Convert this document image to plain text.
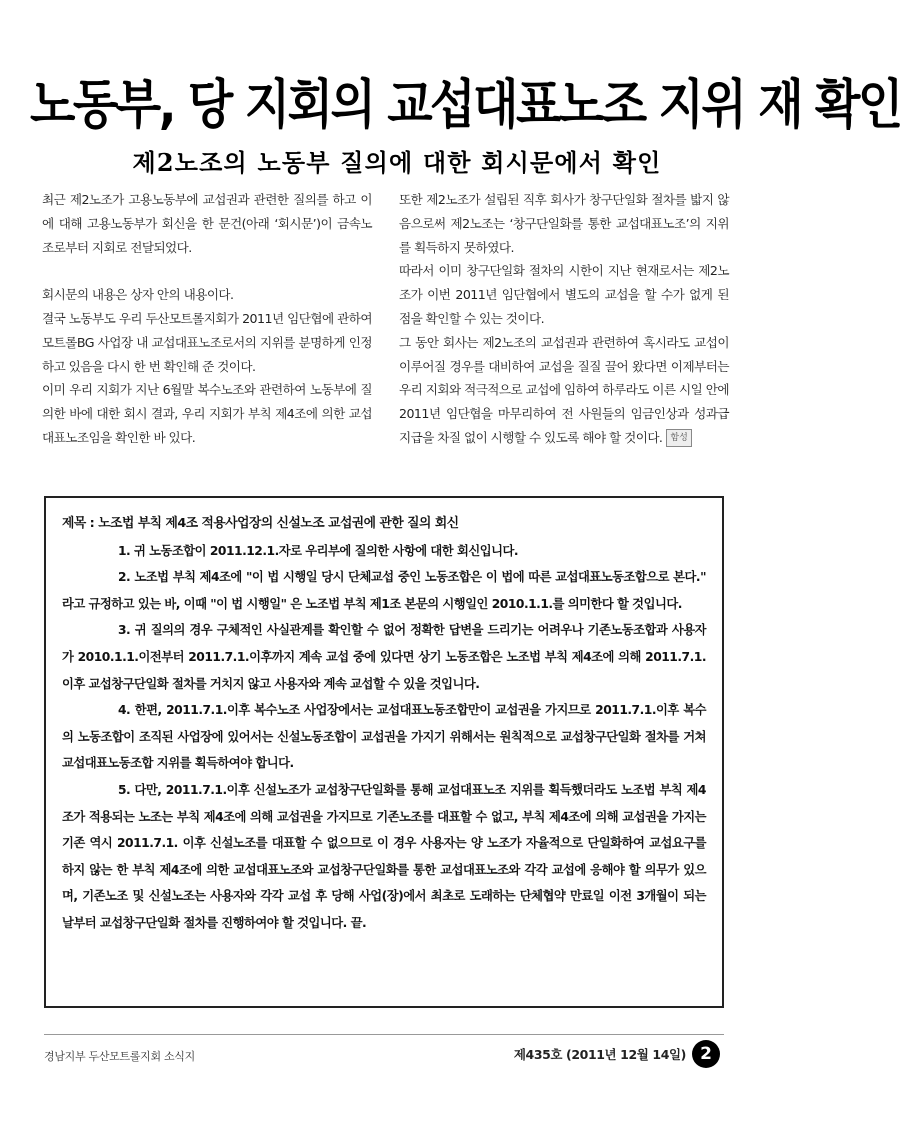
노동부, 당 지회의 교섭대표노조 지위 재 확인
제2노조의 노동부 질의에 대한 회시문에서 확인

최근 제2노조가 고용노동부에 교섭권과 관련한 질의를 하고 이에 대해 고용노동부가 회신을 한 문건(아래 ‘회시문’)이 금속노조로부터 지회로 전달되었다.

회시문의 내용은 상자 안의 내용이다.

결국 노동부도 우리 두산모트롤지회가 2011년 임단협에 관하여 모트롤BG 사업장 내 교섭대표노조로서의 지위를 분명하게 인정하고 있음을 다시 한 번 확인해 준 것이다.

이미 우리 지회가 지난 6월말 복수노조와 관련하여 노동부에 질의한 바에 대한 회시 결과, 우리 지회가 부칙 제4조에 의한 교섭대표노조임을 확인한 바 있다.

또한 제2노조가 설립된 직후 회사가 창구단일화 절차를 밟지 않음으로써 제2노조는 ‘창구단일화를 통한 교섭대표노조’의 지위를 획득하지 못하였다.

따라서 이미 창구단일화 절차의 시한이 지난 현재로서는 제2노조가 이번 2011년 임단협에서 별도의 교섭을 할 수가 없게 된 점을 확인할 수 있는 것이다.

그 동안 회사는 제2노조의 교섭권과 관련하여 혹시라도 교섭이 이루어질 경우를 대비하여 교섭을 질질 끌어 왔다면 이제부터는 우리 지회와 적극적으로 교섭에 임하여 하루라도 이른 시일 안에 2011년 임단협을 마무리하여 전 사원들의 임금인상과 성과급 지급을 차질 없이 시행할 수 있도록 해야 할 것이다. 함성

제목 : 노조법 부칙 제4조 적용사업장의 신설노조 교섭권에 관한 질의 회신

1. 귀 노동조합이 2011.12.1.자로 우리부에 질의한 사항에 대한 회신입니다.

2. 노조법 부칙 제4조에 "이 법 시행일 당시 단체교섭 중인 노동조합은 이 법에 따른 교섭대표노동조합으로 본다." 라고 규정하고 있는 바, 이때 "이 법 시행일" 은 노조법 부칙 제1조 본문의 시행일인 2010.1.1.를 의미한다 할 것입니다.

3. 귀 질의의 경우 구체적인 사실관계를 확인할 수 없어 정확한 답변을 드리기는 어려우나 기존노동조합과 사용자가 2010.1.1.이전부터 2011.7.1.이후까지 계속 교섭 중에 있다면 상기 노동조합은 노조법 부칙 제4조에 의해 2011.7.1.이후 교섭창구단일화 절차를 거치지 않고 사용자와 계속 교섭할 수 있을 것입니다.

4. 한편, 2011.7.1.이후 복수노조 사업장에서는 교섭대표노동조합만이 교섭권을 가지므로 2011.7.1.이후 복수의 노동조합이 조직된 사업장에 있어서는 신설노동조합이 교섭권을 가지기 위해서는 원칙적으로 교섭창구단일화 절차를 거쳐 교섭대표노동조합 지위를 획득하여야 합니다.

5. 다만, 2011.7.1.이후 신설노조가 교섭창구단일화를 통해 교섭대표노조 지위를 획득했더라도 노조법 부칙 제4조가 적용되는 노조는 부칙 제4조에 의해 교섭권을 가지므로 기존노조를 대표할 수 없고, 부칙 제4조에 의해 교섭권을 가지는 기존 역시 2011.7.1. 이후 신설노조를 대표할 수 없으므로 이 경우 사용자는 양 노조가 자율적으로 단일화하여 교섭요구를 하지 않는 한 부칙 제4조에 의한 교섭대표노조와 교섭창구단일화를 통한 교섭대표노조와 각각 교섭에 응해야 할 의무가 있으며, 기존노조 및 신설노조는 사용자와 각각 교섭 후 당해 사업(장)에서 최초로 도래하는 단체협약 만료일 이전 3개월이 되는 날부터 교섭창구단일화 절차를 진행하여야 할 것입니다. 끝.

경남지부 두산모트롤지회 소식지	제435호 (2011년 12월 14일) 2
